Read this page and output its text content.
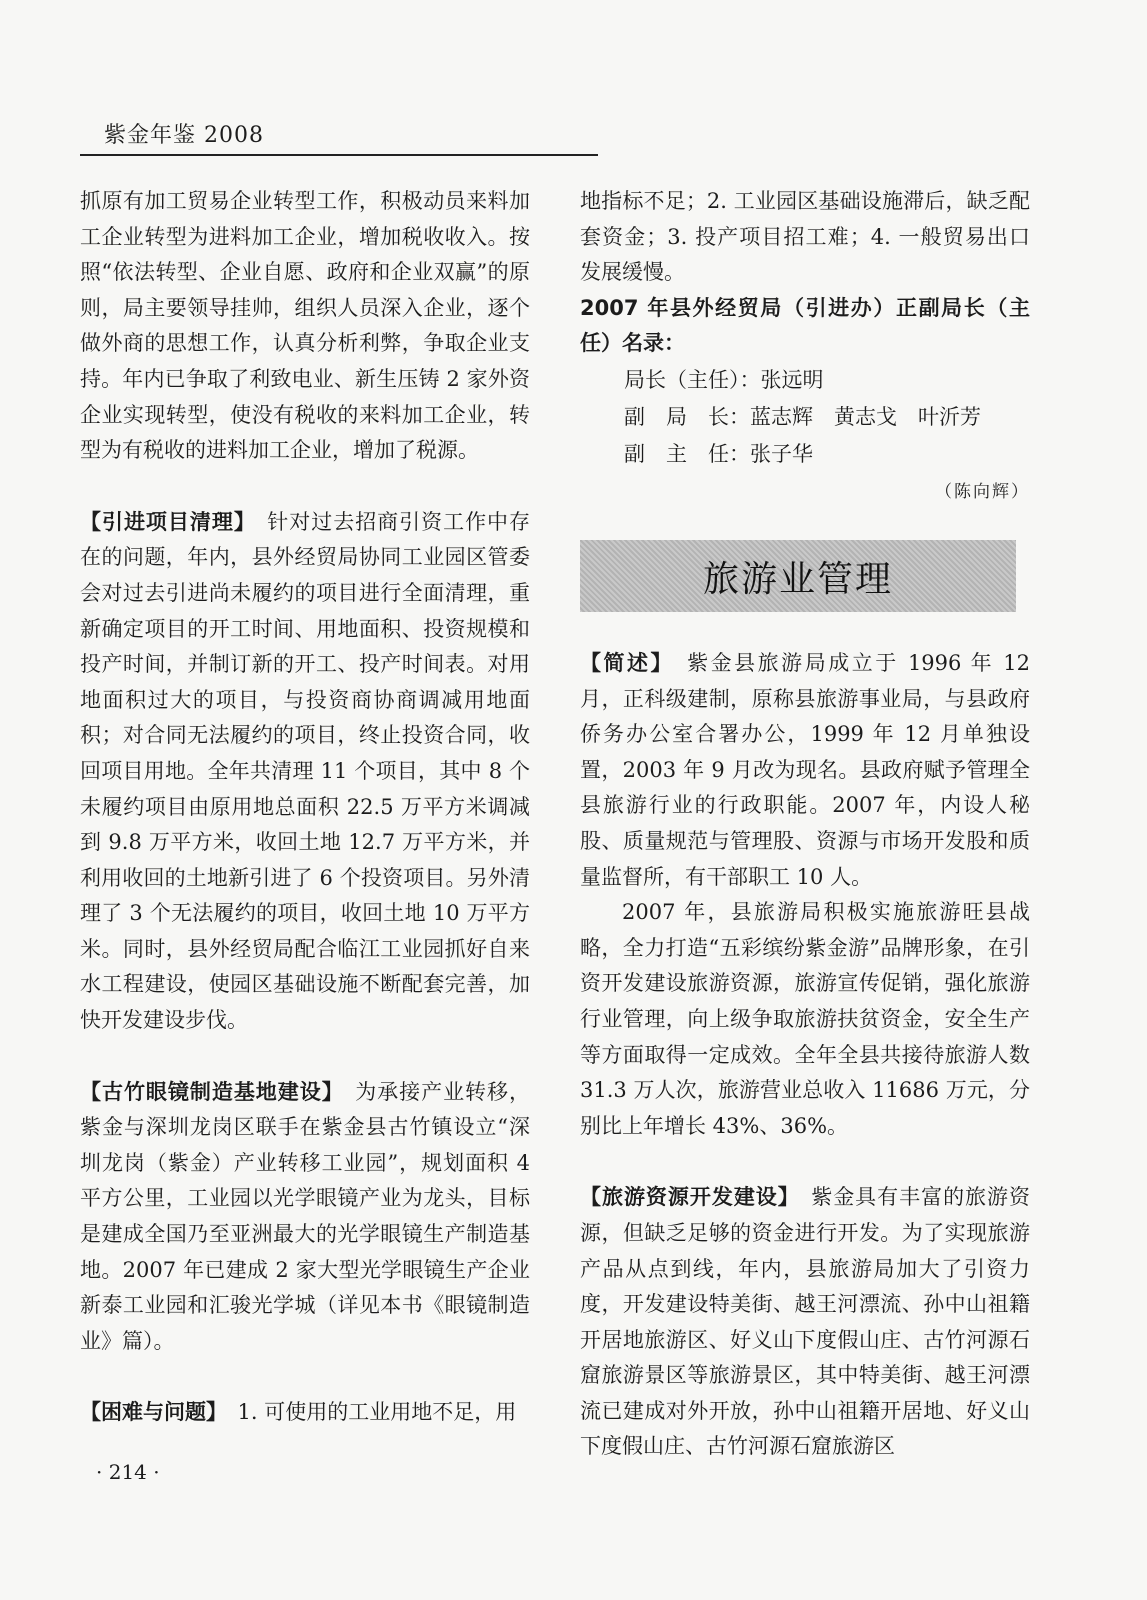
紫金年鉴 2008

抓原有加工贸易企业转型工作，积极动员来料加工企业转型为进料加工企业，增加税收收入。按照“依法转型、企业自愿、政府和企业双赢”的原则，局主要领导挂帅，组织人员深入企业，逐个做外商的思想工作，认真分析利弊，争取企业支持。年内已争取了利致电业、新生压铸 2 家外资企业实现转型，使没有税收的来料加工企业，转型为有税收的进料加工企业，增加了税源。

【引进项目清理】　 针对过去招商引资工作中存在的问题，年内，县外经贸局协同工业园区管委会对过去引进尚未履约的项目进行全面清理，重新确定项目的开工时间、用地面积、投资规模和投产时间，并制订新的开工、投产时间表。对用地面积过大的项目，与投资商协商调减用地面积；对合同无法履约的项目，终止投资合同，收回项目用地。全年共清理 11 个项目，其中 8 个未履约项目由原用地总面积 22.5 万平方米调减到 9.8 万平方米，收回土地 12.7 万平方米，并利用收回的土地新引进了 6 个投资项目。另外清理了 3 个无法履约的项目，收回土地 10 万平方米。同时，县外经贸局配合临江工业园抓好自来水工程建设，使园区基础设施不断配套完善，加快开发建设步伐。

【古竹眼镜制造基地建设】　 为承接产业转移，紫金与深圳龙岗区联手在紫金县古竹镇设立“深圳龙岗（紫金）产业转移工业园”，规划面积 4 平方公里，工业园以光学眼镜产业为龙头，目标是建成全国乃至亚洲最大的光学眼镜生产制造基地。2007 年已建成 2 家大型光学眼镜生产企业新泰工业园和汇骏光学城（详见本书《眼镜制造业》篇）。

【困难与问题】　 1. 可使用的工业用地不足，用

地指标不足；2. 工业园区基础设施滞后，缺乏配套资金；3. 投产项目招工难；4. 一般贸易出口发展缓慢。

2007 年县外经贸局（引进办）正副局长（主任）名录：

局长（主任）：张远明
副　局　长：蓝志辉　黄志戈　叶沂芳
副　主　任：张子华
（陈向辉）
旅游业管理

【简述】　 紫金县旅游局成立于 1996 年 12 月，正科级建制，原称县旅游事业局，与县政府侨务办公室合署办公，1999 年 12 月单独设置，2003 年 9 月改为现名。县政府赋予管理全县旅游行业的行政职能。2007 年，内设人秘股、质量规范与管理股、资源与市场开发股和质量监督所，有干部职工 10 人。

2007 年，县旅游局积极实施旅游旺县战略，全力打造“五彩缤纷紫金游”品牌形象，在引资开发建设旅游资源，旅游宣传促销，强化旅游行业管理，向上级争取旅游扶贫资金，安全生产等方面取得一定成效。全年全县共接待旅游人数 31.3 万人次，旅游营业总收入 11686 万元，分别比上年增长 43%、36%。

【旅游资源开发建设】　 紫金具有丰富的旅游资源，但缺乏足够的资金进行开发。为了实现旅游产品从点到线，年内，县旅游局加大了引资力度，开发建设特美街、越王河漂流、孙中山祖籍开居地旅游区、好义山下度假山庄、古竹河源石窟旅游景区等旅游景区，其中特美街、越王河漂流已建成对外开放，孙中山祖籍开居地、好义山下度假山庄、古竹河源石窟旅游区

· 214 ·
